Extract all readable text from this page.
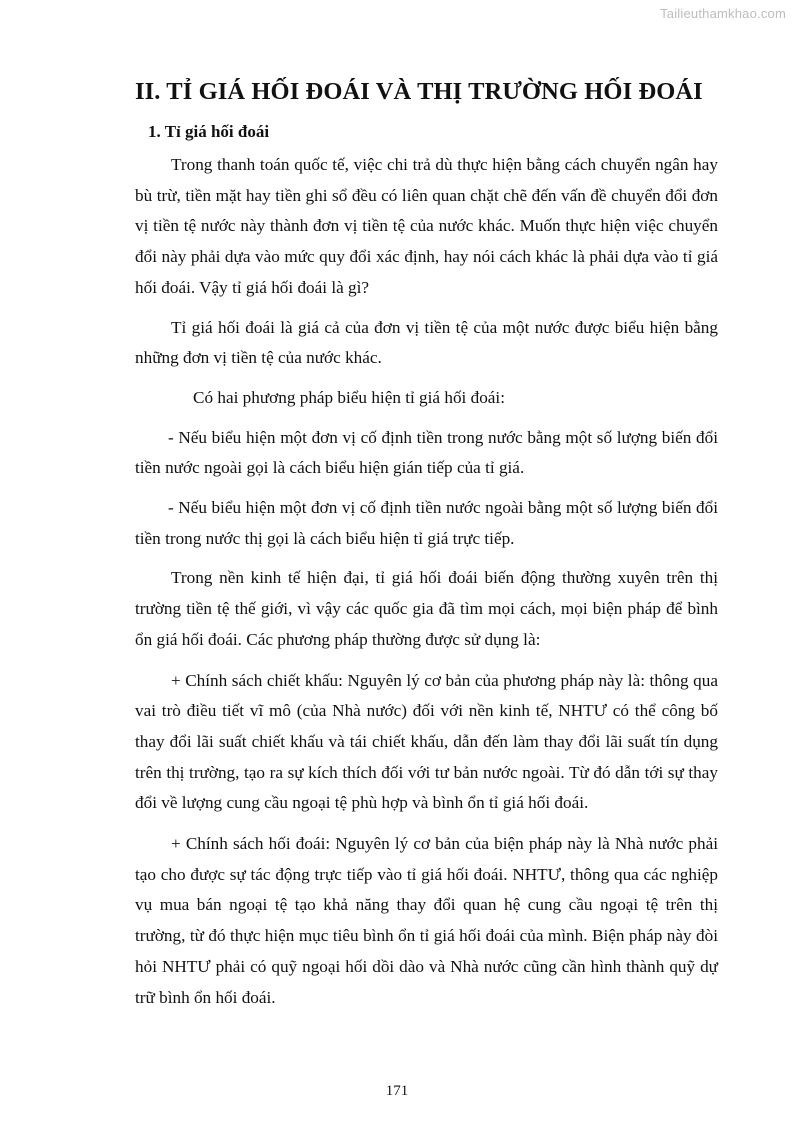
Tailieuthamkhao.com
II. TỈ GIÁ HỐI ĐOÁI VÀ THỊ TRƯỜNG HỐI ĐOÁI
1. Tỉ giá hối đoái

Trong thanh toán quốc tế, việc chi trả dù thực hiện bằng cách chuyển ngân hay bù trừ, tiền mặt hay tiền ghi sổ đều có liên quan chặt chẽ đến vấn đề chuyển đổi đơn vị tiền tệ nước này thành đơn vị tiền tệ của nước khác. Muốn thực hiện việc chuyển đổi này phải dựa vào mức quy đổi xác định, hay nói cách khác là phải dựa vào tỉ giá hối đoái. Vậy tỉ giá hối đoái là gì?

Tỉ giá hối đoái là giá cả của đơn vị tiền tệ của một nước được biểu hiện bằng những đơn vị tiền tệ của nước khác.

Có hai phương pháp biểu hiện tỉ giá hối đoái:

- Nếu biểu hiện một đơn vị cố định tiền trong nước bằng một số lượng biến đổi tiền nước ngoài gọi là cách biểu hiện gián tiếp của tỉ giá.

- Nếu biểu hiện một đơn vị cố định tiền nước ngoài bằng một số lượng biến đổi tiền trong nước thị gọi là cách biểu hiện tỉ giá trực tiếp.

Trong nền kinh tế hiện đại, tỉ giá hối đoái biến động thường xuyên trên thị trường tiền tệ thế giới, vì vậy các quốc gia đã tìm mọi cách, mọi biện pháp để bình ổn giá hối đoái. Các phương pháp thường được sử dụng là:

+ Chính sách chiết khấu: Nguyên lý cơ bản của phương pháp này là: thông qua vai trò điều tiết vĩ mô (của Nhà nước) đối với nền kinh tế, NHTƯ có thể công bố thay đổi lãi suất chiết khấu và tái chiết khấu, dẫn đến làm thay đổi lãi suất tín dụng trên thị trường, tạo ra sự kích thích đối với tư bản nước ngoài. Từ đó dẫn tới sự thay đổi về lượng cung cầu ngoại tệ phù hợp và bình ổn tỉ giá hối đoái.

+ Chính sách hối đoái: Nguyên lý cơ bản của biện pháp này là Nhà nước phải tạo cho được sự tác động trực tiếp vào tỉ giá hối đoái. NHTƯ, thông qua các nghiệp vụ mua bán ngoại tệ tạo khả năng thay đổi quan hệ cung cầu ngoại tệ trên thị trường, từ đó thực hiện mục tiêu bình ổn tỉ giá hối đoái của mình. Biện pháp này đòi hỏi NHTƯ phải có quỹ ngoại hối dồi dào và Nhà nước cũng cần hình thành quỹ dự trữ bình ổn hối đoái.

171
